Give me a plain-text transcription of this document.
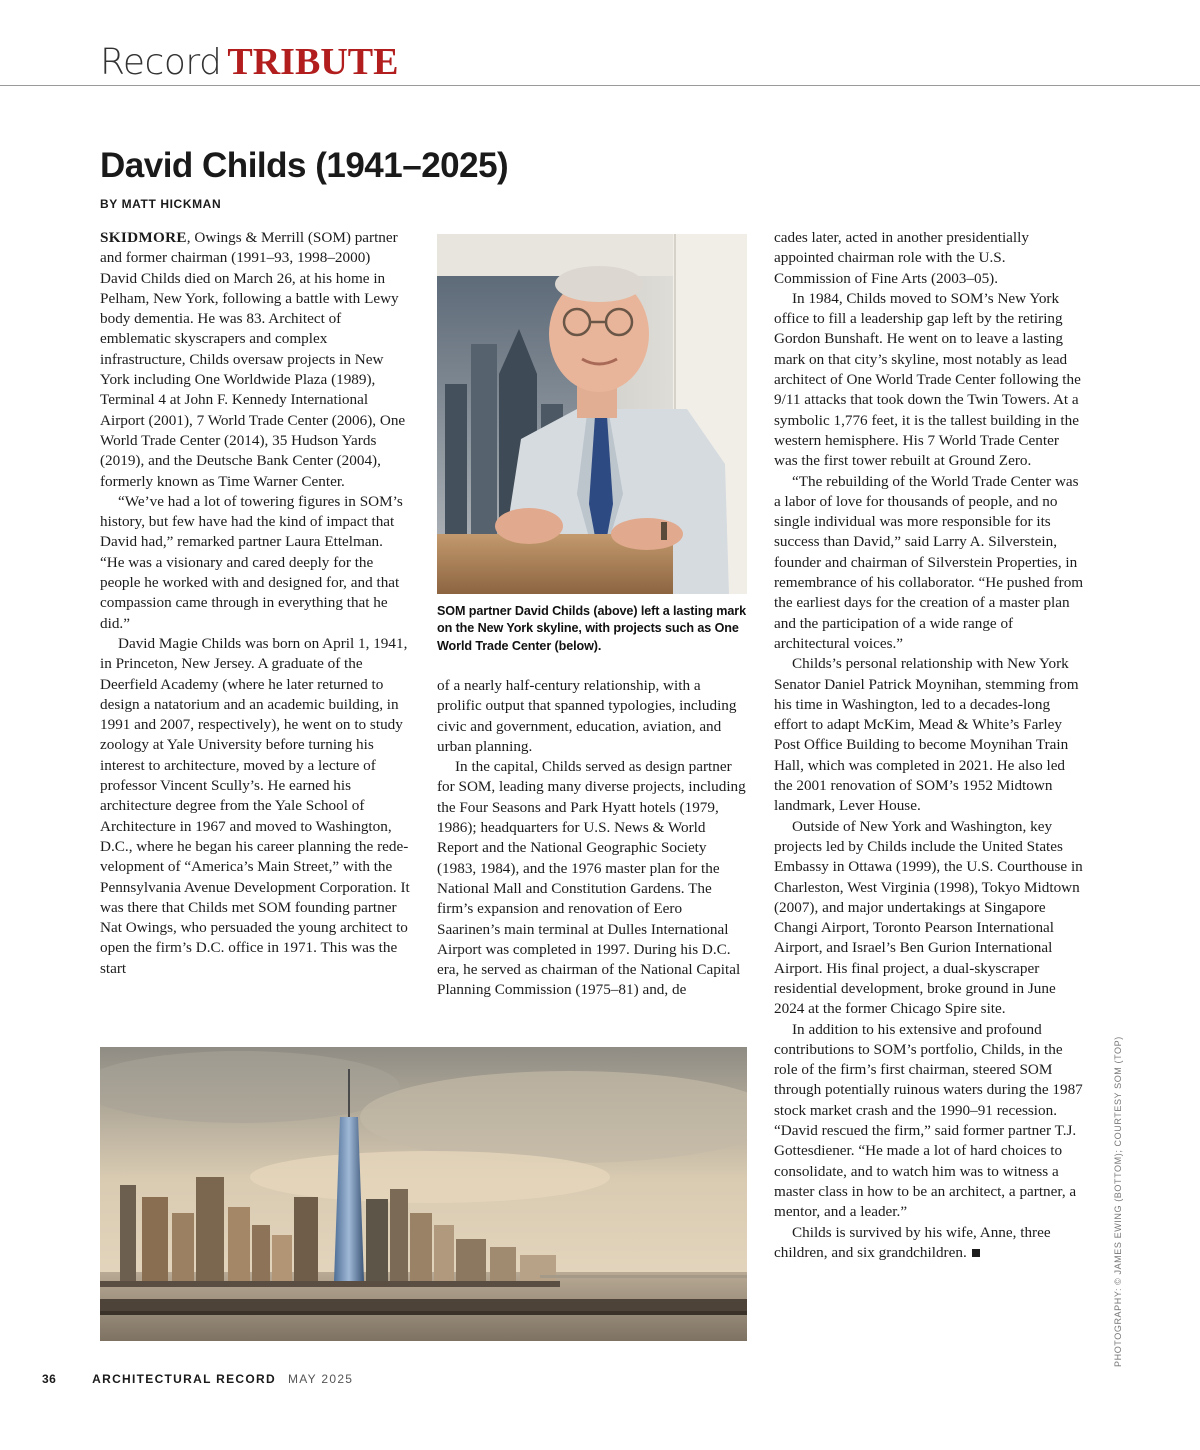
Record TRIBUTE
David Childs (1941–2025)
BY MATT HICKMAN

SKIDMORE, Owings & Merrill (SOM) partner and former chairman (1991–93, 1998–2000) David Childs died on March 26, at his home in Pelham, New York, following a battle with Lewy body dementia. He was 83. Architect of emblematic skyscrapers and complex infrastructure, Childs oversaw projects in New York including One Worldwide Plaza (1989), Terminal 4 at John F. Kennedy International Airport (2001), 7 World Trade Center (2006), One World Trade Center (2014), 35 Hudson Yards (2019), and the Deutsche Bank Center (2004), formerly known as Time Warner Center.

“We’ve had a lot of towering figures in SOM’s history, but few have had the kind of impact that David had,” remarked partner Laura Ettelman. “He was a visionary and cared deeply for the people he worked with and designed for, and that compassion came through in everything that he did.”

David Magie Childs was born on April 1, 1941, in Princeton, New Jersey. A graduate of the Deerfield Academy (where he later returned to design a natatorium and an academic building, in 1991 and 2007, respectively), he went on to study zoology at Yale University before turning his interest to architecture, moved by a lecture of professor Vincent Scully’s. He earned his architecture degree from the Yale School of Architecture in 1967 and moved to Washington, D.C., where he began his career planning the redevelopment of “America’s Main Street,” with the Pennsylvania Avenue Development Corporation. It was there that Childs met SOM founding partner Nat Owings, who persuaded the young architect to open the firm’s D.C. office in 1971. This was the start

SOM partner David Childs (above) left a lasting mark on the New York skyline, with projects such as One World Trade Center (below).

of a nearly half-century relationship, with a prolific output that spanned typologies, including civic and government, education, aviation, and urban planning.

In the capital, Childs served as design partner for SOM, leading many diverse projects, including the Four Seasons and Park Hyatt hotels (1979, 1986); headquarters for U.S. News & World Report and the National Geographic Society (1983, 1984), and the 1976 master plan for the National Mall and Constitution Gardens. The firm’s expansion and renovation of Eero Saarinen’s main terminal at Dulles International Airport was completed in 1997. During his D.C. era, he served as chairman of the National Capital Planning Commission (1975–81) and, de

cades later, acted in another presidentially appointed chairman role with the U.S. Commission of Fine Arts (2003–05).

In 1984, Childs moved to SOM’s New York office to fill a leadership gap left by the retiring Gordon Bunshaft. He went on to leave a lasting mark on that city’s skyline, most notably as lead architect of One World Trade Center following the 9/11 attacks that took down the Twin Towers. At a symbolic 1,776 feet, it is the tallest building in the western hemisphere. His 7 World Trade Center was the first tower rebuilt at Ground Zero.

“The rebuilding of the World Trade Center was a labor of love for thousands of people, and no single individual was more responsible for its success than David,” said Larry A. Silverstein, founder and chairman of Silverstein Properties, in remembrance of his collaborator. “He pushed from the earliest days for the creation of a master plan and the participation of a wide range of architectural voices.”

Childs’s personal relationship with New York Senator Daniel Patrick Moynihan, stemming from his time in Washington, led to a decades-long effort to adapt McKim, Mead & White’s Farley Post Office Building to become Moynihan Train Hall, which was completed in 2021. He also led the 2001 renovation of SOM’s 1952 Midtown landmark, Lever House.

Outside of New York and Washington, key projects led by Childs include the United States Embassy in Ottawa (1999), the U.S. Courthouse in Charleston, West Virginia (1998), Tokyo Midtown (2007), and major undertakings at Singapore Changi Airport, Toronto Pearson International Airport, and Israel’s Ben Gurion International Airport. His final project, a dual-skyscraper residential development, broke ground in June 2024 at the former Chicago Spire site.

In addition to his extensive and profound contributions to SOM’s portfolio, Childs, in the role of the firm’s first chairman, steered SOM through potentially ruinous waters during the 1987 stock market crash and the 1990–91 recession. “David rescued the firm,” said former partner T.J. Gottesdiener. “He made a lot of hard choices to consolidate, and to watch him was to witness a master class in how to be an architect, a partner, a mentor, and a leader.”

Childs is survived by his wife, Anne, three children, and six grandchildren.	PHOTOGRAPHY: © JAMES EWING (BOTTOM); COURTESY SOM (TOP)
36	ARCHITECTURAL RECORD MAY 2025
